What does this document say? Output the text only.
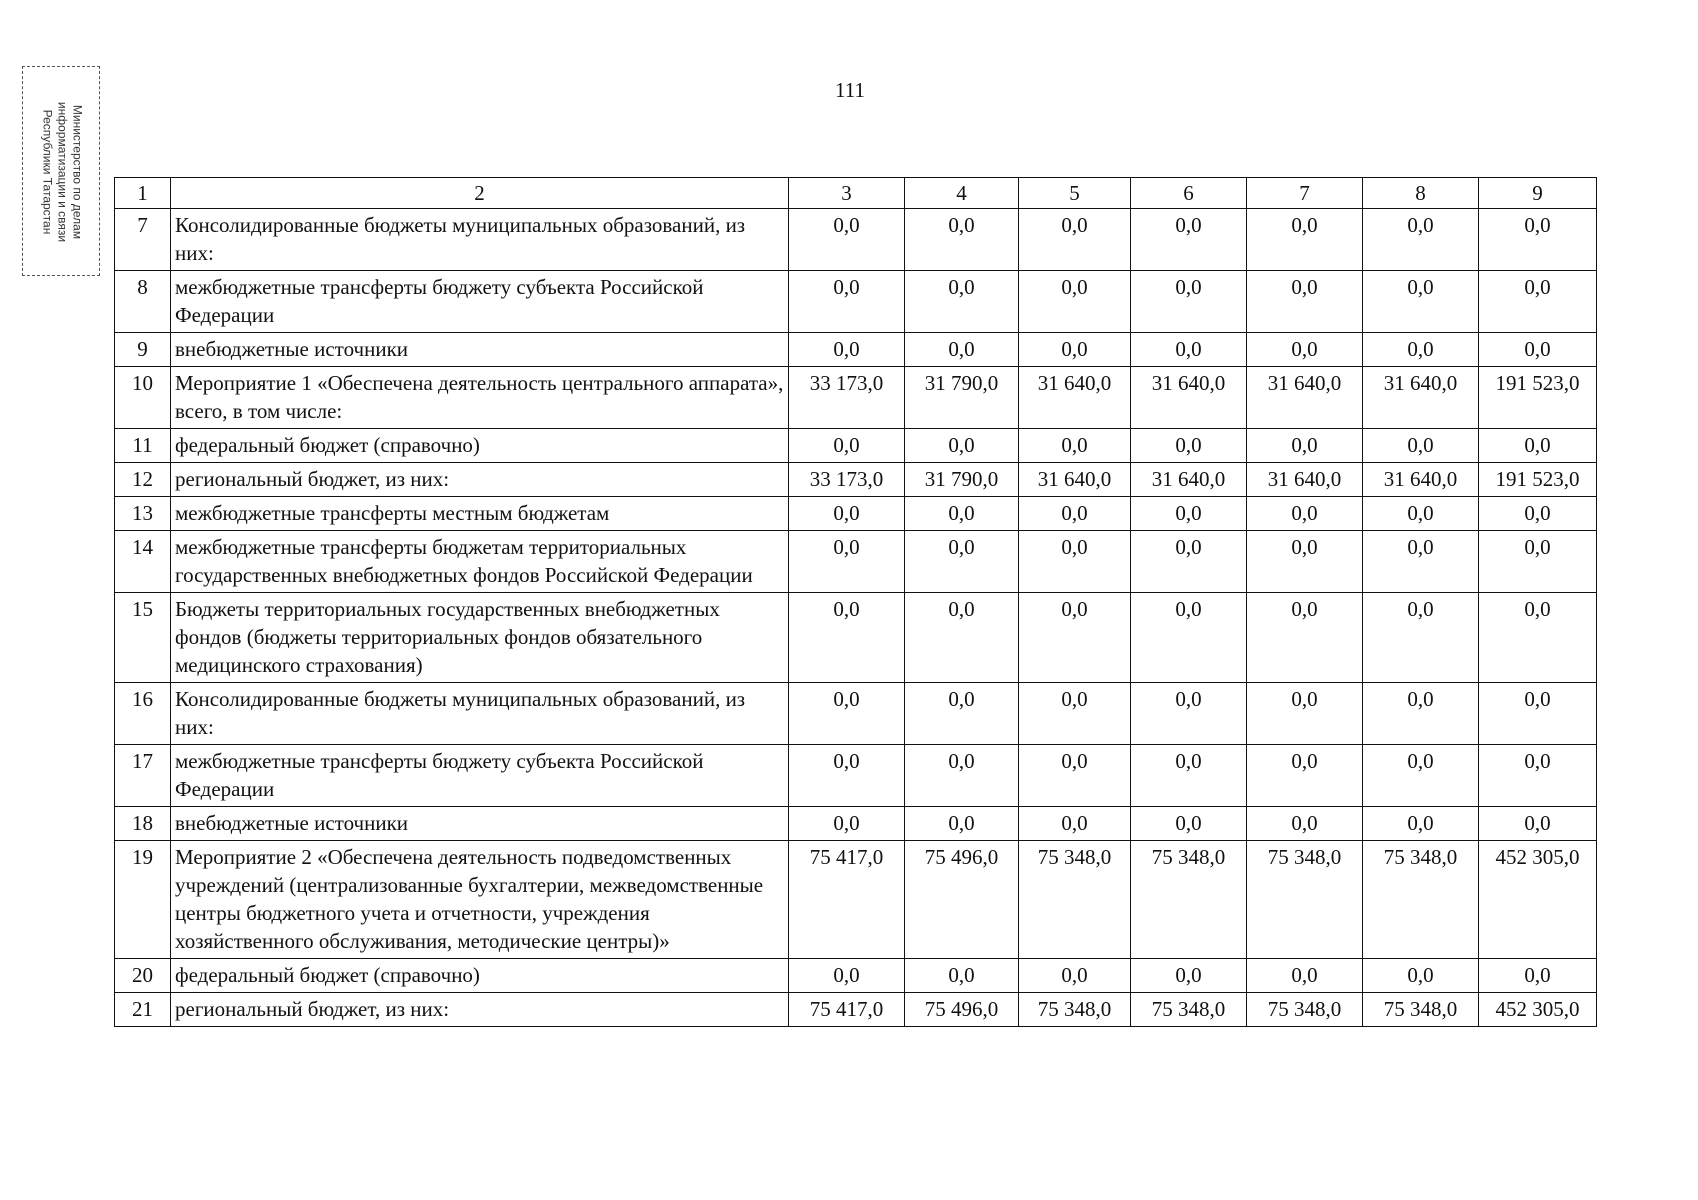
111
Министерство по делам
информатизации и связи
Республики Татарстан	1	2	3	4	5	6	7	8	9
7	Консолидированные бюджеты муниципальных образований, из них:	0,0	0,0	0,0	0,0	0,0	0,0	0,0
8	межбюджетные трансферты бюджету субъекта Российской Федерации	0,0	0,0	0,0	0,0	0,0	0,0	0,0
9	внебюджетные источники	0,0	0,0	0,0	0,0	0,0	0,0	0,0
10	Мероприятие 1 «Обеспечена деятельность центрального аппарата», всего, в том числе:	33 173,0	31 790,0	31 640,0	31 640,0	31 640,0	31 640,0	191 523,0
11	федеральный бюджет (справочно)	0,0	0,0	0,0	0,0	0,0	0,0	0,0
12	региональный бюджет, из них:	33 173,0	31 790,0	31 640,0	31 640,0	31 640,0	31 640,0	191 523,0
13	межбюджетные трансферты местным бюджетам	0,0	0,0	0,0	0,0	0,0	0,0	0,0
14	межбюджетные трансферты бюджетам территориальных государственных внебюджетных фондов Российской Федерации	0,0	0,0	0,0	0,0	0,0	0,0	0,0
15	Бюджеты территориальных государственных внебюджетных фондов (бюджеты территориальных фондов обязательного медицинского страхования)	0,0	0,0	0,0	0,0	0,0	0,0	0,0
16	Консолидированные бюджеты муниципальных образований, из них:	0,0	0,0	0,0	0,0	0,0	0,0	0,0
17	межбюджетные трансферты бюджету субъекта Российской Федерации	0,0	0,0	0,0	0,0	0,0	0,0	0,0
18	внебюджетные источники	0,0	0,0	0,0	0,0	0,0	0,0	0,0
19	Мероприятие 2 «Обеспечена деятельность подведомственных учреждений (централизованные бухгалтерии, межведомственные центры бюджетного учета и отчетности, учреждения хозяйственного обслуживания, методические центры)»	75 417,0	75 496,0	75 348,0	75 348,0	75 348,0	75 348,0	452 305,0
20	федеральный бюджет (справочно)	0,0	0,0	0,0	0,0	0,0	0,0	0,0
21	региональный бюджет, из них:	75 417,0	75 496,0	75 348,0	75 348,0	75 348,0	75 348,0	452 305,0
